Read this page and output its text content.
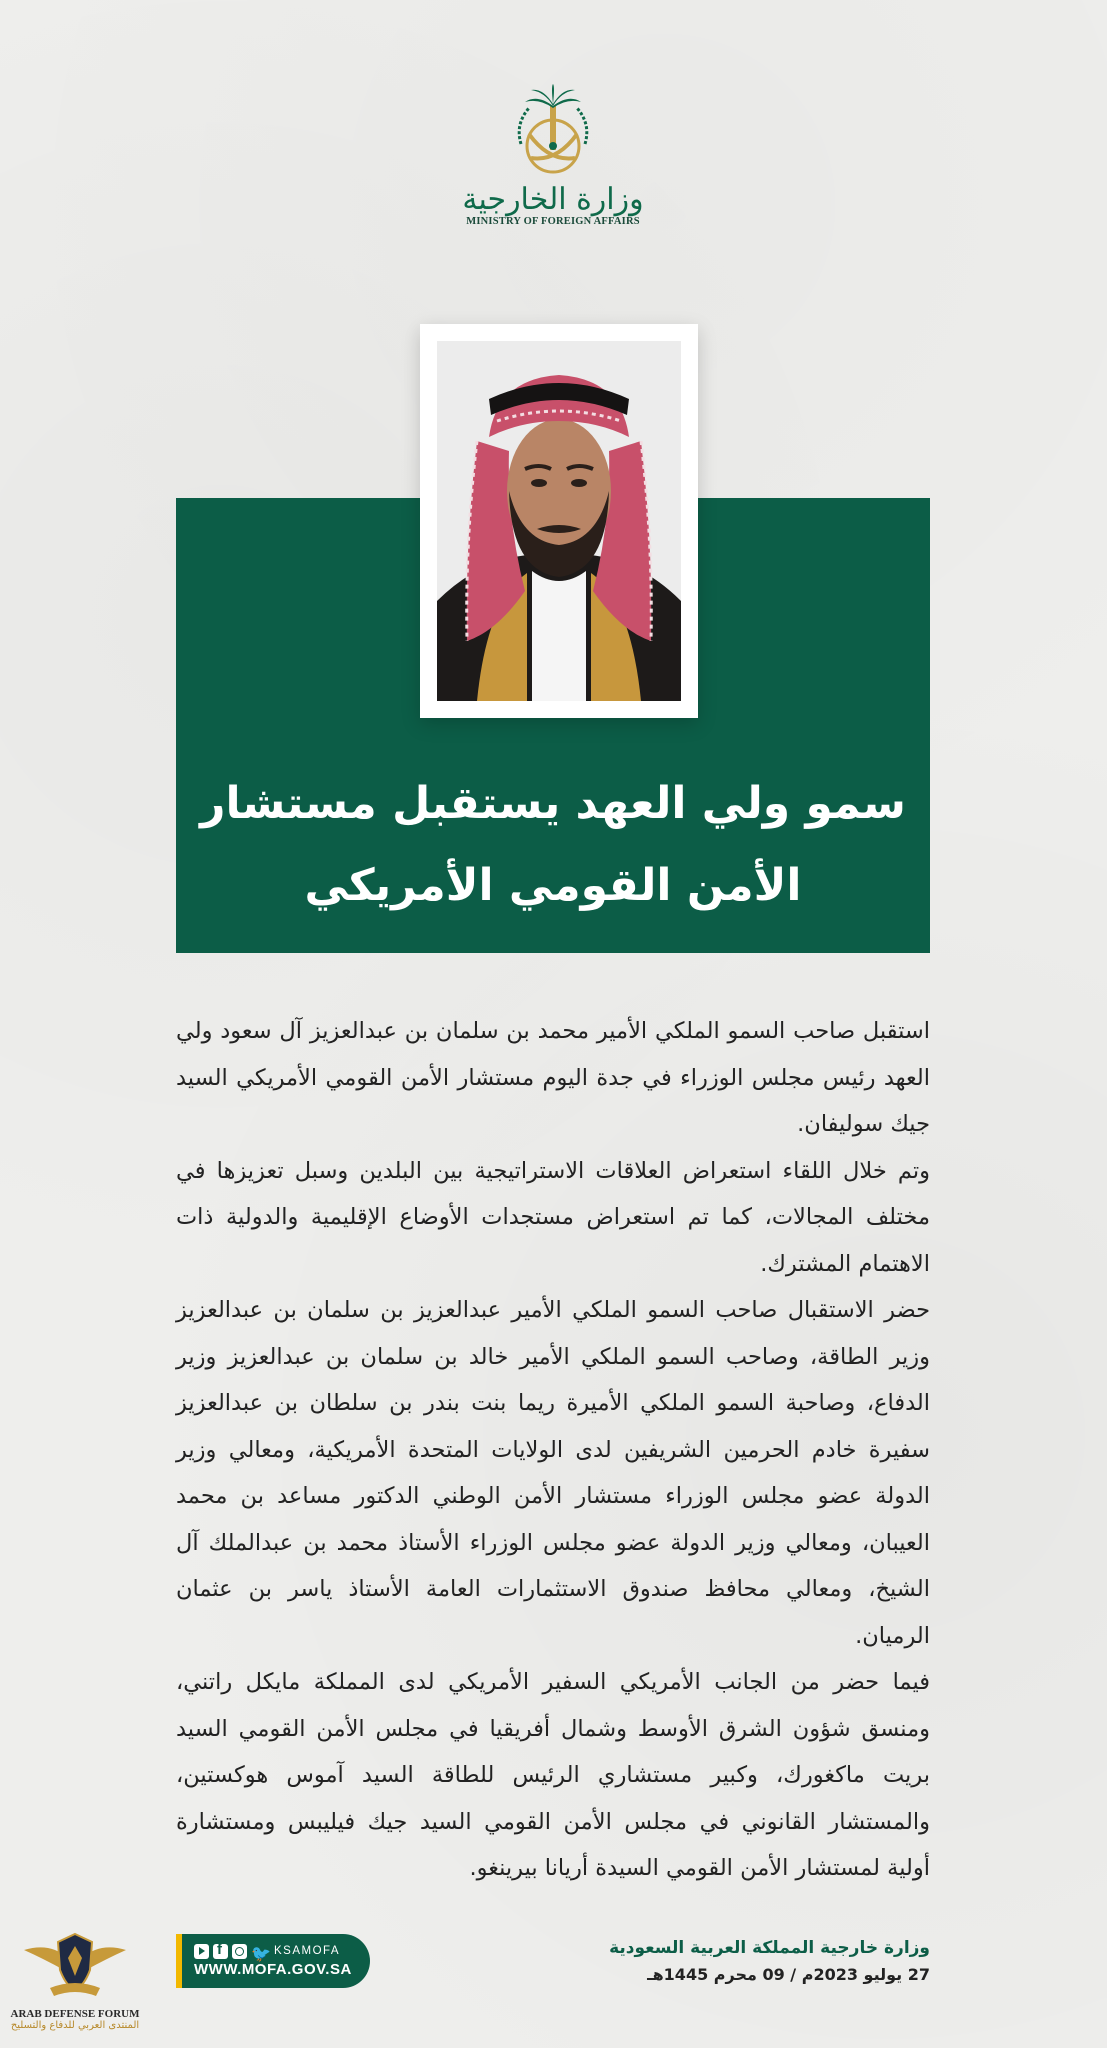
وزارة الخارجية
MINISTRY OF FOREIGN AFFAIRS
سمو ولي العهد يستقبل مستشار
الأمن القومي الأمريكي

استقبل صاحب السمو الملكي الأمير محمد بن سلمان بن عبدالعزيز آل سعود ولي العهد رئيس مجلس الوزراء في جدة اليوم مستشار الأمن القومي الأمريكي السيد جيك سوليفان.

وتم خلال اللقاء استعراض العلاقات الاستراتيجية بين البلدين وسبل تعزيزها في مختلف المجالات، كما تم استعراض مستجدات الأوضاع الإقليمية والدولية ذات الاهتمام المشترك.

حضر الاستقبال صاحب السمو الملكي الأمير عبدالعزيز بن سلمان بن عبدالعزيز وزير الطاقة، وصاحب السمو الملكي الأمير خالد بن سلمان بن عبدالعزيز وزير الدفاع، وصاحبة السمو الملكي الأميرة ريما بنت بندر بن سلطان بن عبدالعزيز سفيرة خادم الحرمين الشريفين لدى الولايات المتحدة الأمريكية، ومعالي وزير الدولة عضو مجلس الوزراء مستشار الأمن الوطني الدكتور مساعد بن محمد العيبان، ومعالي وزير الدولة عضو مجلس الوزراء الأستاذ محمد بن عبدالملك آل الشيخ، ومعالي محافظ صندوق الاستثمارات العامة الأستاذ ياسر بن عثمان الرميان.

فيما حضر من الجانب الأمريكي السفير الأمريكي لدى المملكة مايكل راتني، ومنسق شؤون الشرق الأوسط وشمال أفريقيا في مجلس الأمن القومي السيد بريت ماكغورك، وكبير مستشاري الرئيس للطاقة السيد آموس هوكستين، والمستشار القانوني في مجلس الأمن القومي السيد جيك فيليبس ومستشارة أولية لمستشار الأمن القومي السيدة أريانا بيرينغو.

f
🐦
KSAMOFA
WWW.MOFA.GOV.SA
وزارة خارجية المملكة العربية السعودية
27 يوليو 2023م / 09 محرم 1445هـ
ARAB DEFENSE FORUM
المنتدى العربي للدفاع والتسليح
